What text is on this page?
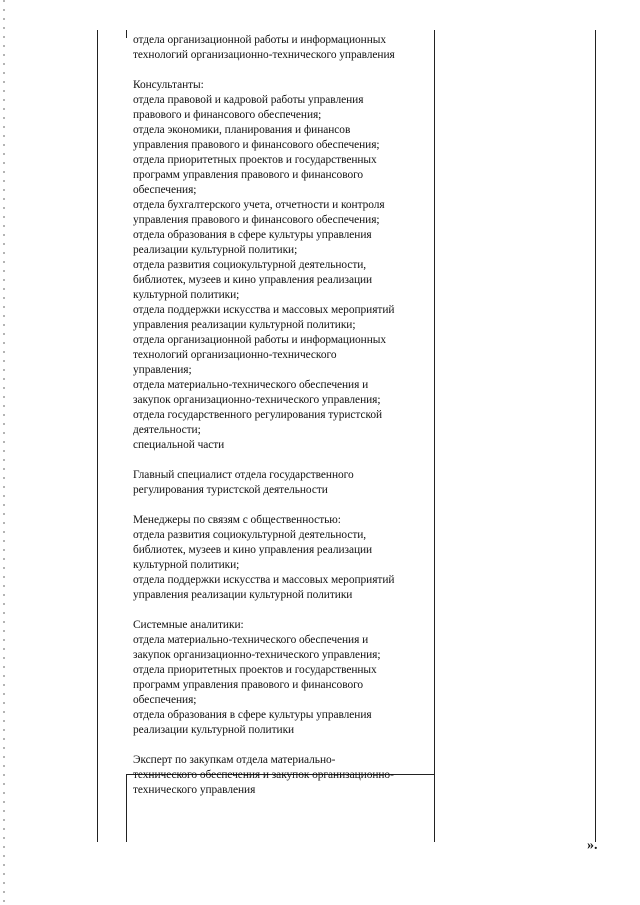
отдела организационной работы и информационных
технологий организационно-технического управления
Консультанты:
отдела правовой и кадровой работы управления
правового и финансового обеспечения;
отдела экономики, планирования и финансов
управления правового и финансового обеспечения;
отдела приоритетных проектов и государственных
программ управления правового и финансового
обеспечения;
отдела бухгалтерского учета, отчетности и контроля
управления правового и финансового обеспечения;
отдела образования в сфере культуры управления
реализации культурной политики;
отдела развития социокультурной деятельности,
библиотек, музеев и кино управления реализации
культурной политики;
отдела поддержки искусства и массовых мероприятий
управления реализации культурной политики;
отдела организационной работы и информационных
технологий организационно-технического
управления;
отдела материально-технического обеспечения и
закупок организационно-технического управления;
отдела государственного регулирования туристской
деятельности;
специальной части
Главный специалист отдела государственного
регулирования туристской деятельности
Менеджеры по связям с общественностью:
отдела развития социокультурной деятельности,
библиотек, музеев и кино управления реализации
культурной политики;
отдела поддержки искусства и массовых мероприятий
управления реализации культурной политики
Системные аналитики:
отдела материально-технического обеспечения и
закупок организационно-технического управления;
отдела приоритетных проектов и государственных
программ управления правового и финансового
обеспечения;
отдела образования в сфере культуры управления
реализации культурной политики
Эксперт по закупкам отдела материально-
технического обеспечения и закупок организационно-
технического управления
».
